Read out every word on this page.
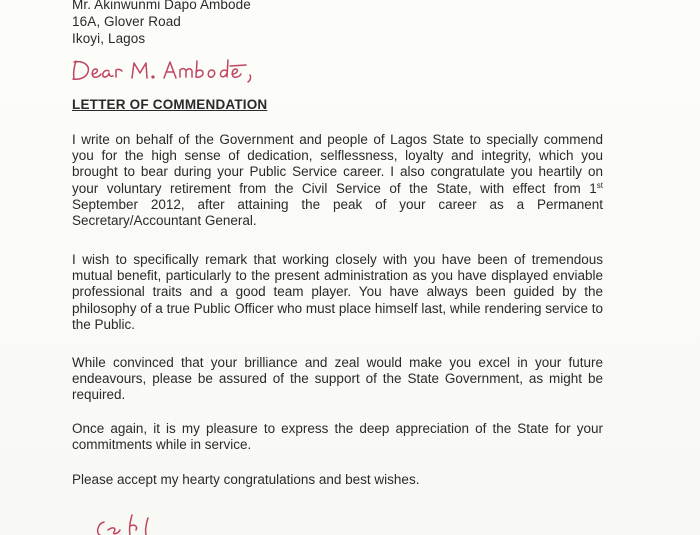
Mr. Akinwunmi Dapo Ambode
16A, Glover Road
Ikoyi, Lagos
LETTER OF COMMENDATION

I write on behalf of the Government and people of Lagos State to specially commend you for the high sense of dedication, selflessness, loyalty and integrity, which you brought to bear during your Public Service career. I also congratulate you heartily on your voluntary retirement from the Civil Service of the State, with effect from 1st September 2012, after attaining the peak of your career as a Permanent Secretary/Accountant General.

I wish to specifically remark that working closely with you have been of tremendous mutual benefit, particularly to the present administration as you have displayed enviable professional traits and a good team player. You have always been guided by the philosophy of a true Public Officer who must place himself last, while rendering service to the Public.

While convinced that your brilliance and zeal would make you excel in your future endeavours, please be assured of the support of the State Government, as might be required.

Once again, it is my pleasure to express the deep appreciation of the State for your commitments while in service.

Please accept my hearty congratulations and best wishes.
